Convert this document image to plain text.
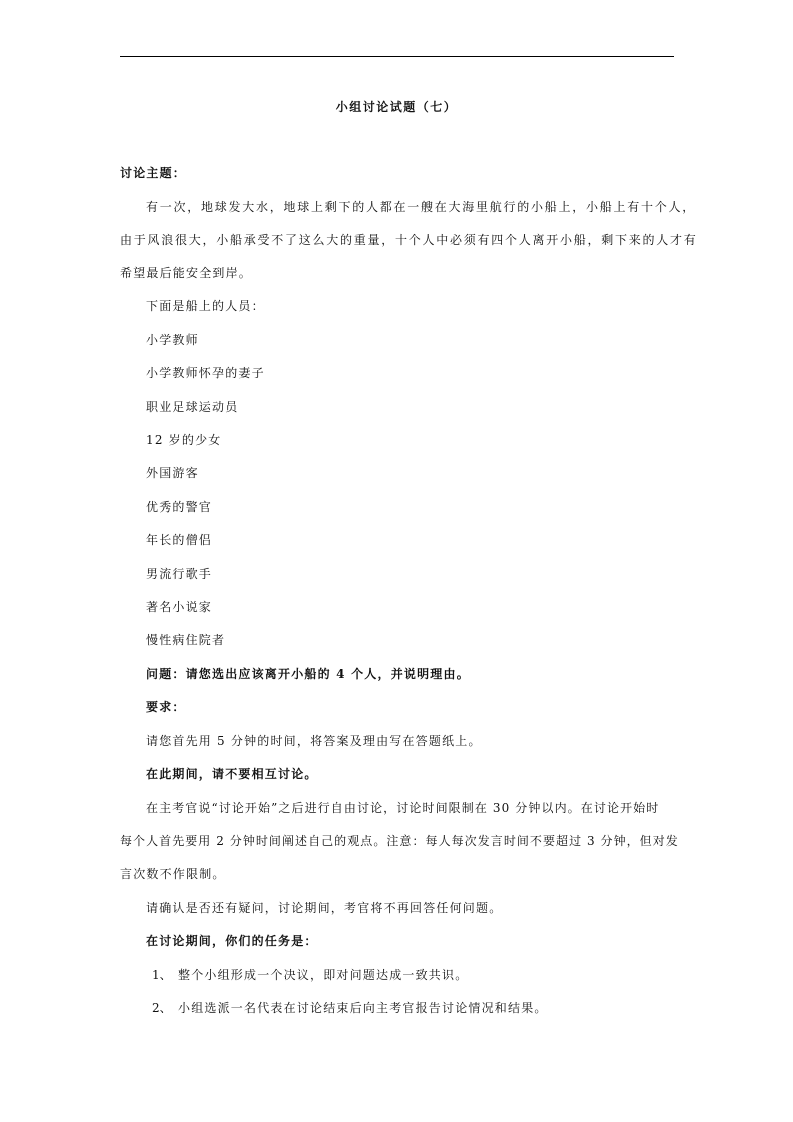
小组讨论试题（七）
讨论主题：
有一次，地球发大水，地球上剩下的人都在一艘在大海里航行的小船上，小船上有十个人，
由于风浪很大，小船承受不了这么大的重量，十个人中必须有四个人离开小船，剩下来的人才有
希望最后能安全到岸。
下面是船上的人员：
小学教师
小学教师怀孕的妻子
职业足球运动员
12 岁的少女
外国游客
优秀的警官
年长的僧侣
男流行歌手
著名小说家
慢性病住院者
问题：请您选出应该离开小船的 4 个人，并说明理由。
要求：
请您首先用 5 分钟的时间，将答案及理由写在答题纸上。
在此期间，请不要相互讨论。
在主考官说“讨论开始”之后进行自由讨论，讨论时间限制在 30 分钟以内。在讨论开始时
每个人首先要用 2 分钟时间阐述自己的观点。注意：每人每次发言时间不要超过 3 分钟，但对发
言次数不作限制。
请确认是否还有疑问，讨论期间，考官将不再回答任何问题。
在讨论期间，你们的任务是：
1、 整个小组形成一个决议，即对问题达成一致共识。
2、 小组选派一名代表在讨论结束后向主考官报告讨论情况和结果。
